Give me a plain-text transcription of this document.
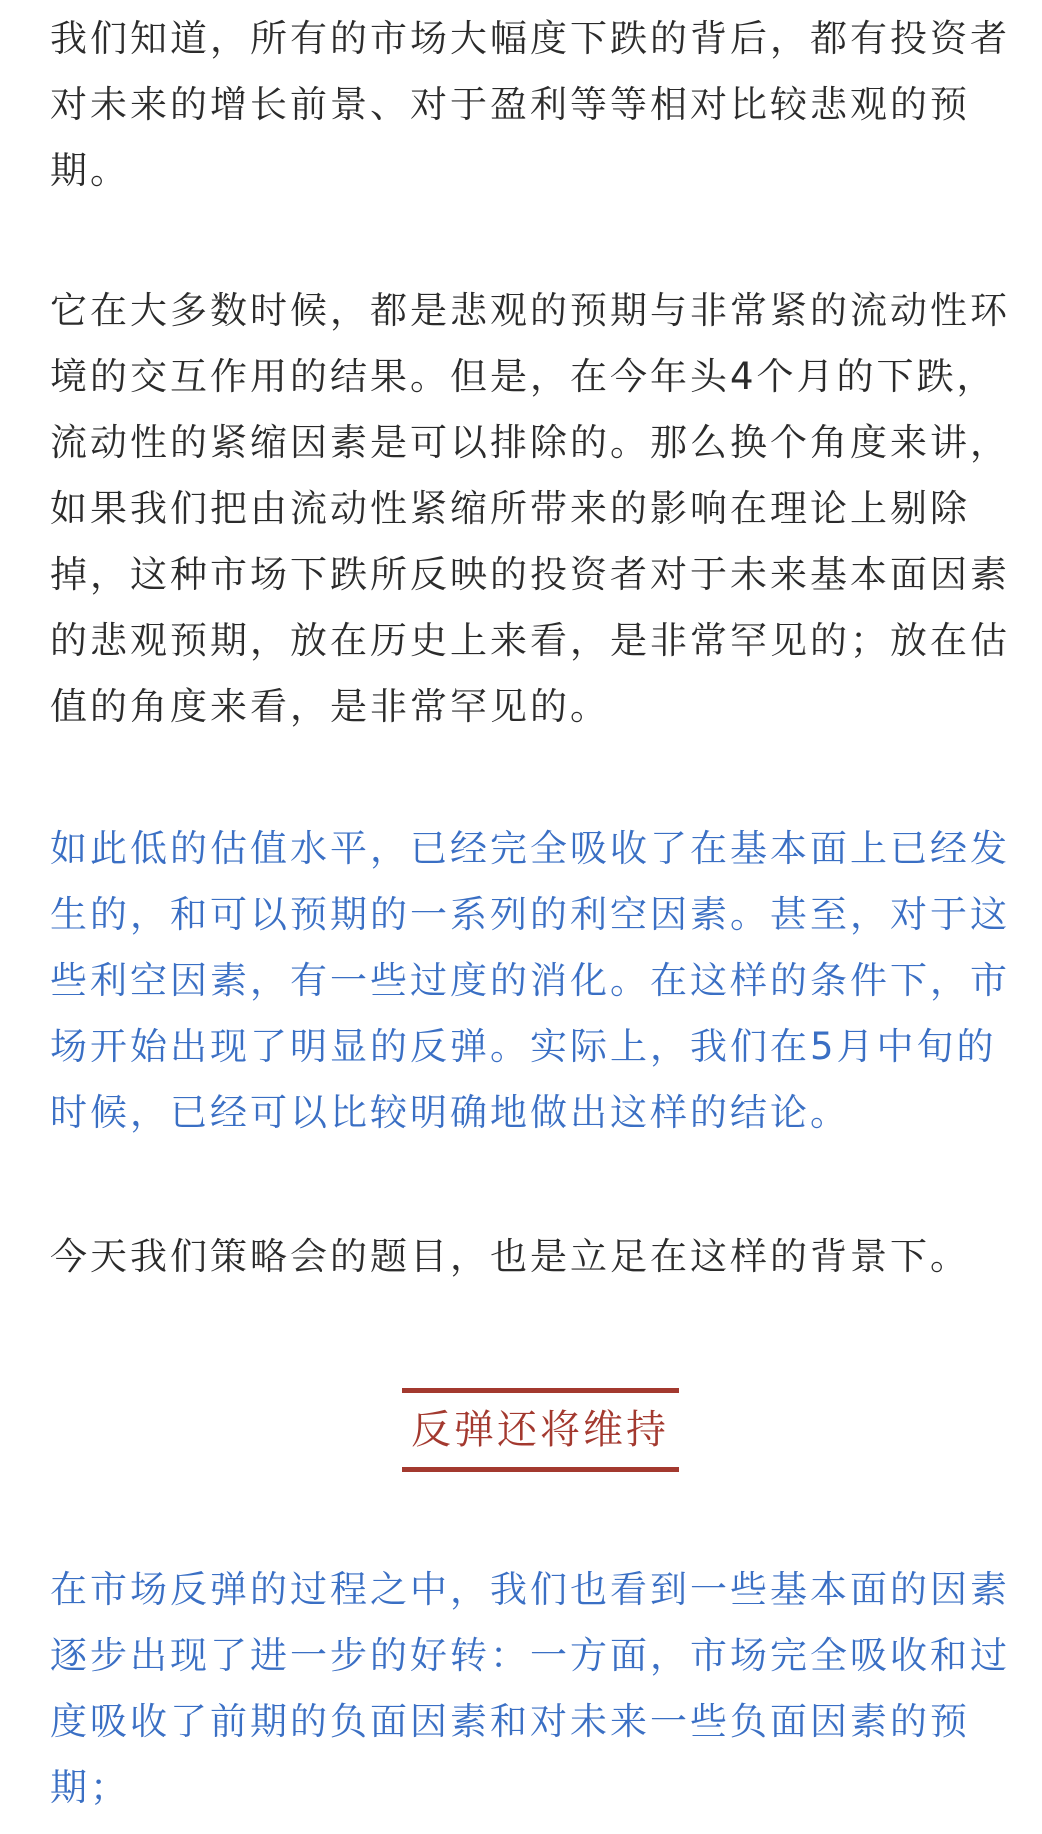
我们知道，所有的市场大幅度下跌的背后，都有投资者
对未来的增长前景、对于盈利等等相对比较悲观的预
期。

它在大多数时候，都是悲观的预期与非常紧的流动性环
境的交互作用的结果。但是，在今年头4个月的下跌，
流动性的紧缩因素是可以排除的。那么换个角度来讲，
如果我们把由流动性紧缩所带来的影响在理论上剔除
掉，这种市场下跌所反映的投资者对于未来基本面因素
的悲观预期，放在历史上来看，是非常罕见的；放在估
值的角度来看，是非常罕见的。

如此低的估值水平，已经完全吸收了在基本面上已经发
生的，和可以预期的一系列的利空因素。甚至，对于这
些利空因素，有一些过度的消化。在这样的条件下，市
场开始出现了明显的反弹。实际上，我们在5月中旬的
时候，已经可以比较明确地做出这样的结论。

今天我们策略会的题目，也是立足在这样的背景下。

反弹还将维持

在市场反弹的过程之中，我们也看到一些基本面的因素
逐步出现了进一步的好转：一方面，市场完全吸收和过
度吸收了前期的负面因素和对未来一些负面因素的预
期；
